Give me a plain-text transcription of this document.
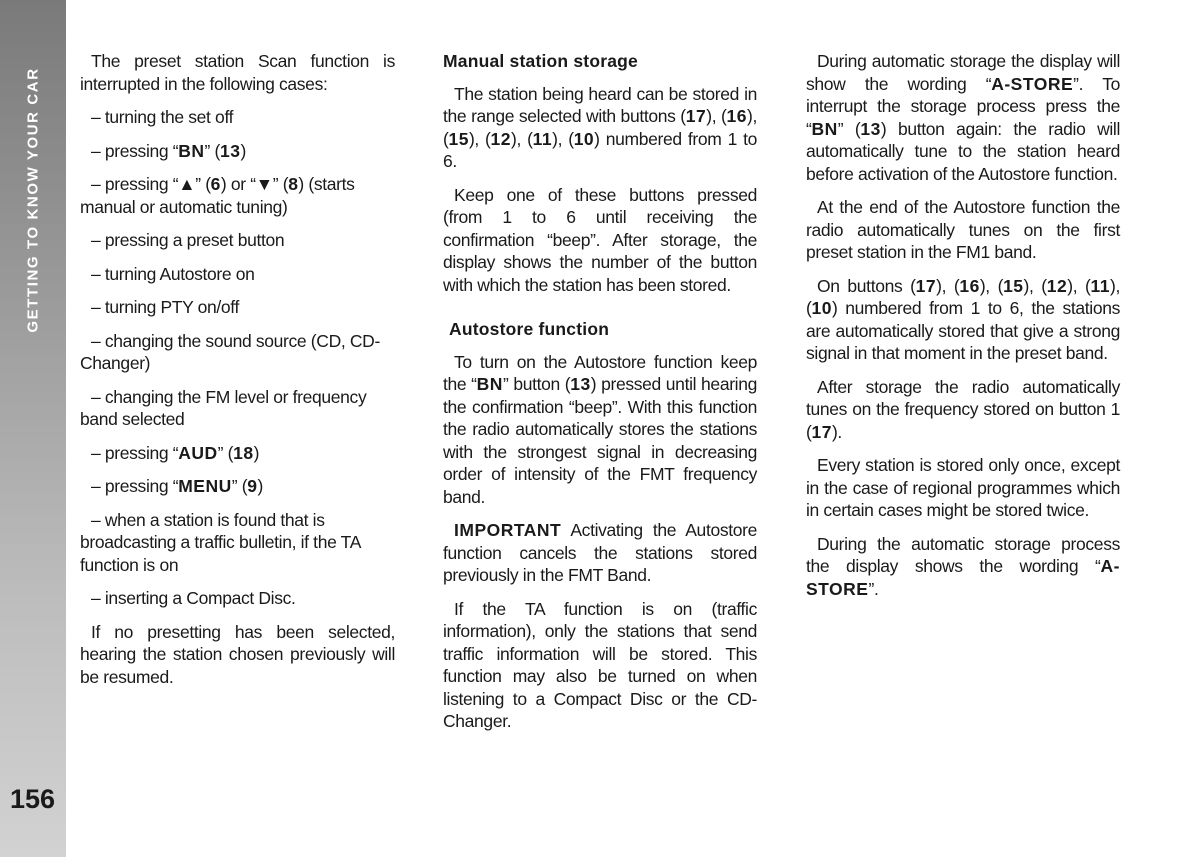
GETTING TO KNOW YOUR CAR
156

The preset station Scan function is interrupted in the following cases:

– turning the set off

– pressing “BN” (13)

– pressing “▲” (6) or “▼” (8) (starts manual or automatic tuning)

– pressing a preset button

– turning Autostore on

– turning PTY on/off

– changing the sound source (CD, CD-Changer)

– changing the FM level or frequency band selected

– pressing “AUD” (18)

– pressing “MENU” (9)

– when a station is found that is broadcasting a traffic bulletin, if the TA function is on

– inserting a Compact Disc.

If no presetting has been selected, hearing the station chosen previously will be resumed.

Manual station storage

The station being heard can be stored in the range selected with buttons (17), (16), (15), (12), (11), (10) numbered from 1 to 6.

Keep one of these buttons pressed (from 1 to 6 until receiving the confirmation “beep”. After storage, the display shows the number of the button with which the station has been stored.

Autostore function

To turn on the Autostore function keep the “BN” button (13) pressed until hearing the confirmation “beep”. With this function the radio automatically stores the stations with the strongest signal in decreasing order of intensity of the FMT frequency band.

IMPORTANT Activating the Autostore function cancels the stations stored previously in the FMT Band.

If the TA function is on (traffic information), only the stations that send traffic information will be stored. This function may also be turned on when listening to a Compact Disc or the CD-Changer.

During automatic storage the display will show the wording “A-STORE”. To interrupt the storage process press the “BN” (13) button again: the radio will automatically tune to the station heard before activation of the Autostore function.

At the end of the Autostore function the radio automatically tunes on the first preset station in the FM1 band.

On buttons (17), (16), (15), (12), (11), (10) numbered from 1 to 6, the stations are automatically stored that give a strong signal in that moment in the preset band.

After storage the radio automatically tunes on the frequency stored on button 1 (17).

Every station is stored only once, except in the case of regional programmes which in certain cases might be stored twice.

During the automatic storage process the display shows the wording “A-STORE”.
